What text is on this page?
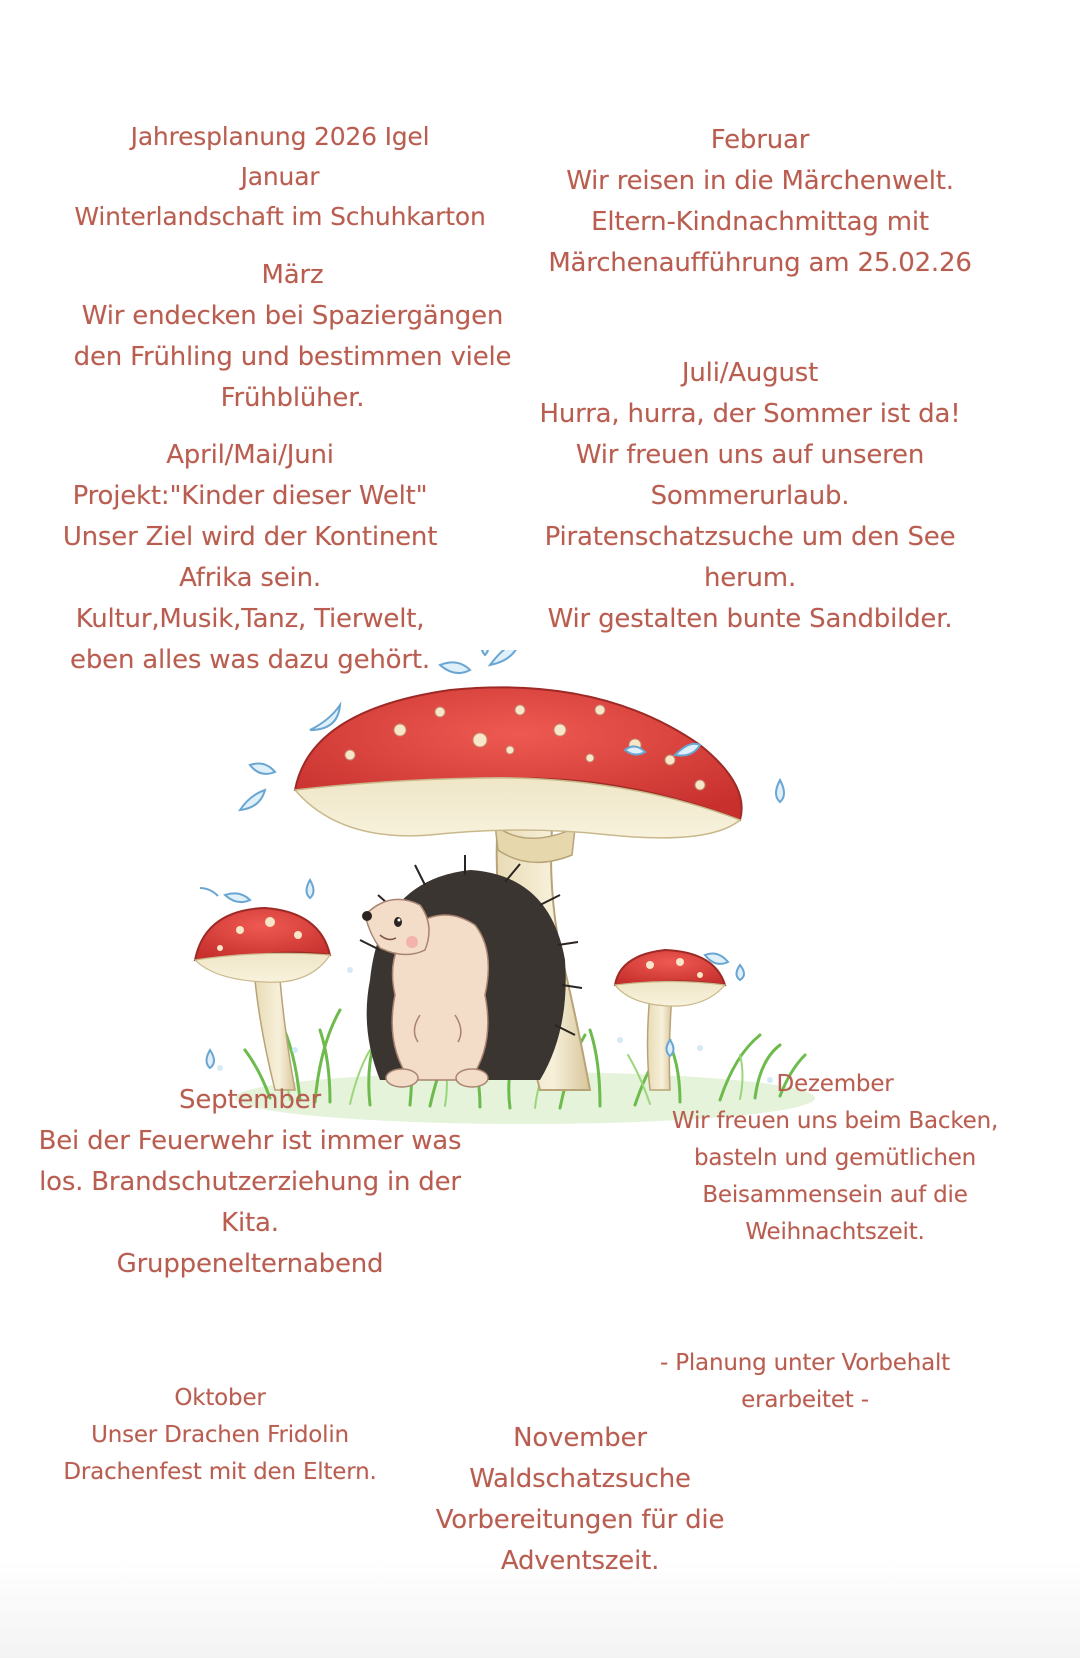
Jahresplanung 2026 Igel
Januar
Winterlandschaft im Schuhkarton
Februar
Wir reisen in die Märchenwelt.
Eltern-Kindnachmittag mit
Märchenaufführung am 25.02.26
März
Wir endecken bei Spaziergängen
den Frühling und bestimmen viele
Frühblüher.
April/Mai/Juni
Projekt:"Kinder dieser Welt"
Unser Ziel wird der Kontinent
Afrika sein.
Kultur,Musik,Tanz, Tierwelt,
eben alles was dazu gehört.
Juli/August
Hurra, hurra, der Sommer ist da!
Wir freuen uns auf unseren
Sommerurlaub.
Piratenschatzsuche um den See
herum.
Wir gestalten bunte Sandbilder.
September
Bei der Feuerwehr ist immer was
los. Brandschutzerziehung in der
Kita.
Gruppenelternabend
Dezember
Wir freuen uns beim Backen,
basteln und gemütlichen
Beisammensein auf die
Weihnachtszeit.
- Planung unter Vorbehalt
erarbeitet -
Oktober
Unser Drachen Fridolin
Drachenfest mit den Eltern.
November
Waldschatzsuche
Vorbereitungen für die
Adventszeit.
